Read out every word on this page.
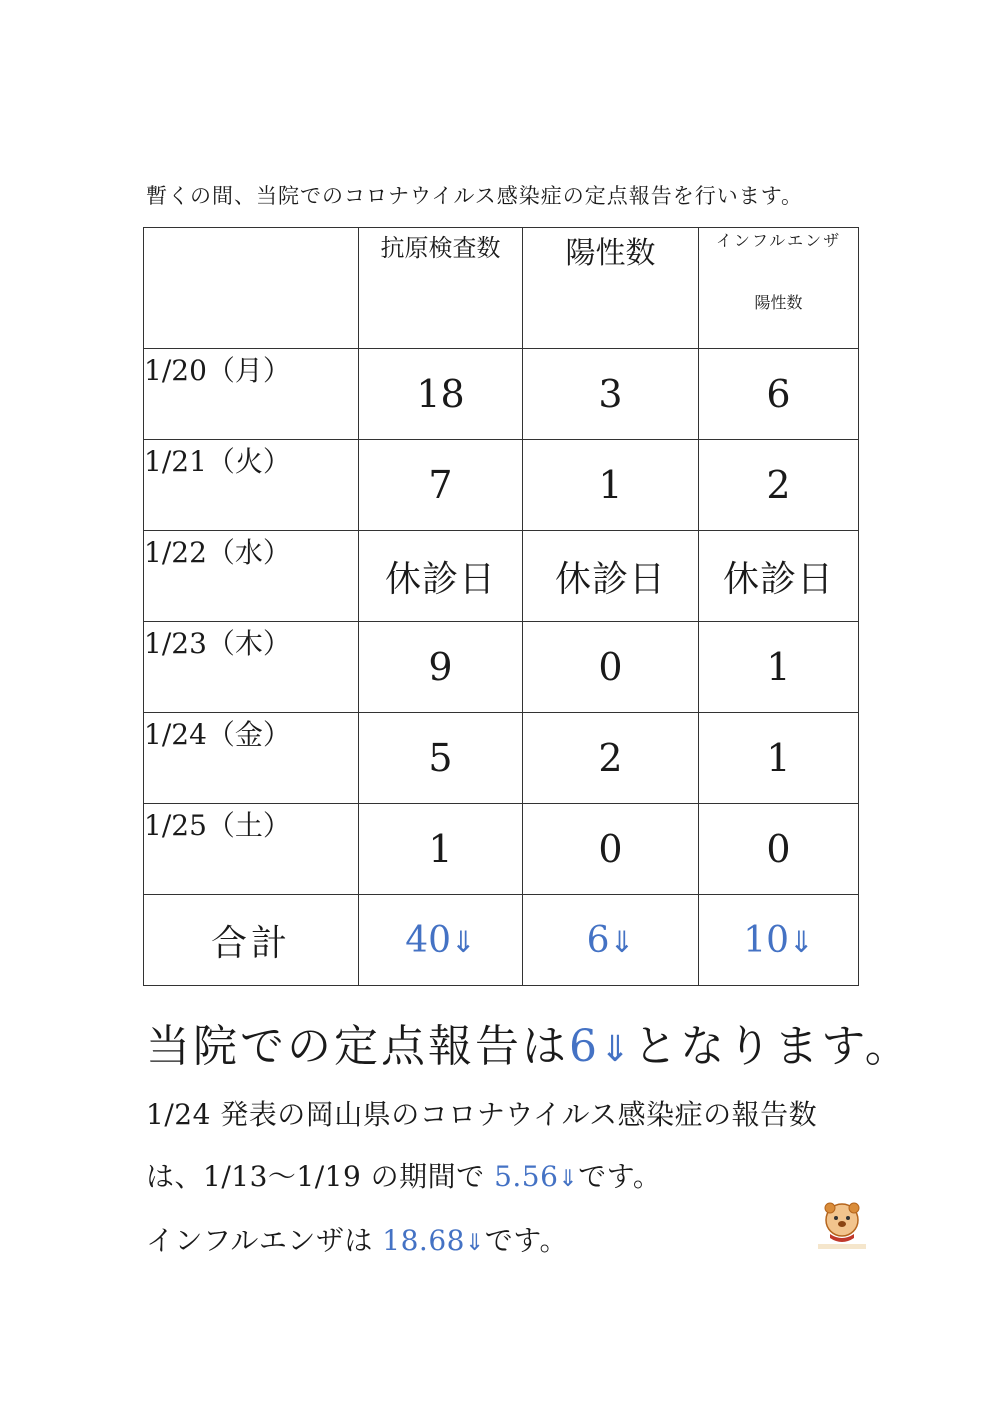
暫くの間、当院でのコロナウイルス感染症の定点報告を行います。
	抗原検査数	陽性数	インフルエンザ
陽性数

1/20（月）	18	3	6
1/21（火）	7	1	2
1/22（水）	休診日	休診日	休診日
1/23（木）	9	0	1
1/24（金）	5	2	1
1/25（土）	1	0	0
合計	40⇓	6⇓	10⇓
当院での定点報告は6⇓となります。
1/24 発表の岡山県のコロナウイルス感染症の報告数
は、1/13〜1/19 の期間で 5.56⇓です。
インフルエンザは 18.68⇓です。
